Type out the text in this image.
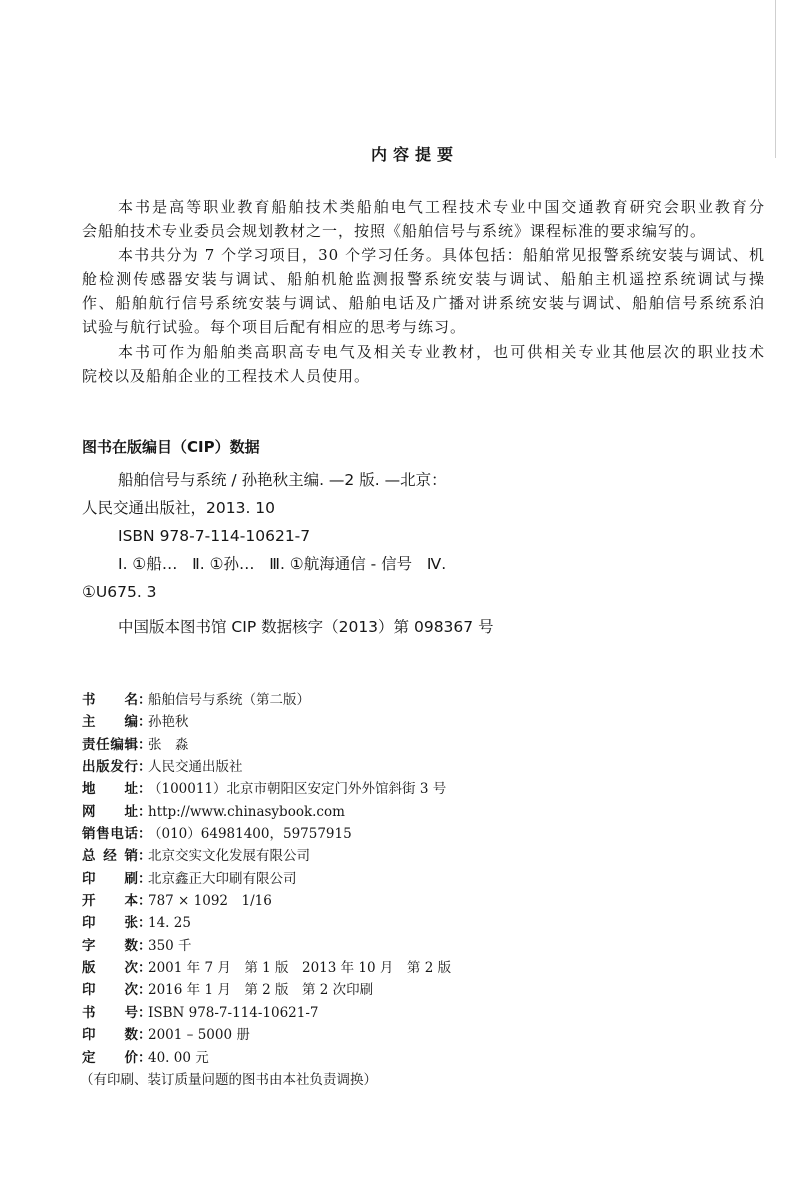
内容提要
本书是高等职业教育船舶技术类船舶电气工程技术专业中国交通教育研究会职业教育分
会船舶技术专业委员会规划教材之一，按照《船舶信号与系统》课程标准的要求编写的。
本书共分为 7 个学习项目，30 个学习任务。具体包括：船舶常见报警系统安装与调试、机
舱检测传感器安装与调试、船舶机舱监测报警系统安装与调试、船舶主机遥控系统调试与操
作、船舶航行信号系统安装与调试、船舶电话及广播对讲系统安装与调试、船舶信号系统系泊
试验与航行试验。每个项目后配有相应的思考与练习。
本书可作为船舶类高职高专电气及相关专业教材，也可供相关专业其他层次的职业技术
院校以及船舶企业的工程技术人员使用。
图书在版编目（CIP）数据
船舶信号与系统 / 孙艳秋主编. —2 版. —北京：
人民交通出版社，2013. 10
ISBN 978-7-114-10621-7
Ⅰ. ①船…   Ⅱ. ①孙…   Ⅲ. ①航海通信 - 信号   Ⅳ.
①U675. 3
中国版本图书馆 CIP 数据核字（2013）第 098367 号
书 名：船舶信号与系统（第二版）
主 编：孙艳秋
责任编辑：张　淼
出版发行：人民交通出版社
地 址：（100011）北京市朝阳区安定门外外馆斜街 3 号
网 址：http://www.chinasybook.com
销售电话：（010）64981400，59757915
总 经 销：北京交实文化发展有限公司
印 刷：北京鑫正大印刷有限公司
开 本：787 × 1092　1/16
印 张：14. 25
字 数：350 千
版 次：2001 年 7 月　第 1 版　2013 年 10 月　第 2 版
印 次：2016 年 1 月　第 2 版　第 2 次印刷
书 号：ISBN 978-7-114-10621-7
印 数：2001 – 5000 册
定 价：40. 00 元
（有印刷、装订质量问题的图书由本社负责调换）
